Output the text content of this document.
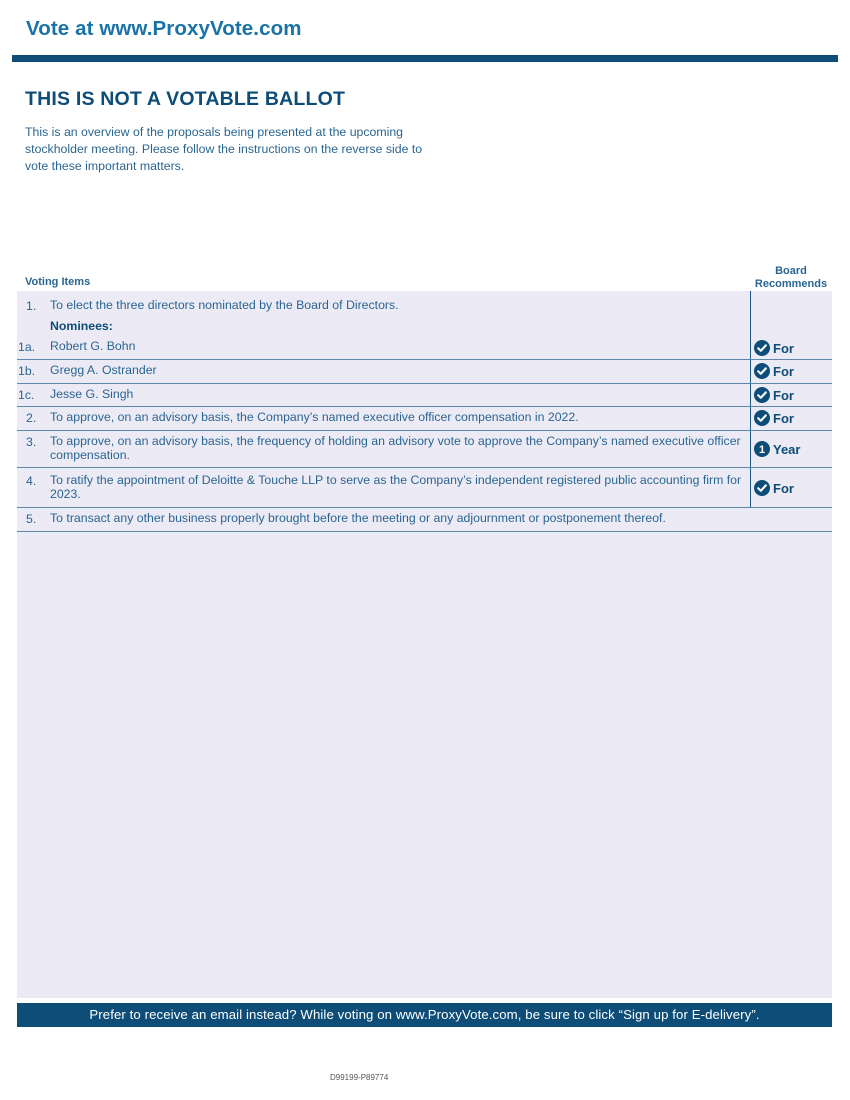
Vote at www.ProxyVote.com
THIS IS NOT A VOTABLE BALLOT
This is an overview of the proposals being presented at the upcoming stockholder meeting. Please follow the instructions on the reverse side to vote these important matters.
Voting Items
Board
Recommends
1. To elect the three directors nominated by the Board of Directors.
Nominees:
1a. Robert G. Bohn	For
1b. Gregg A. Ostrander	For
1c. Jesse G. Singh	For
2. To approve, on an advisory basis, the Company’s named executive officer compensation in 2022.	For
3. To approve, on an advisory basis, the frequency of holding an advisory vote to approve the Company’s named executive officer compensation.	1 Year
4. To ratify the appointment of Deloitte & Touche LLP to serve as the Company’s independent registered public accounting firm for 2023.	For
5. To transact any other business properly brought before the meeting or any adjournment or postponement thereof.
Prefer to receive an email instead? While voting on www.ProxyVote.com, be sure to click “Sign up for E-delivery”.
D99199-P89774
